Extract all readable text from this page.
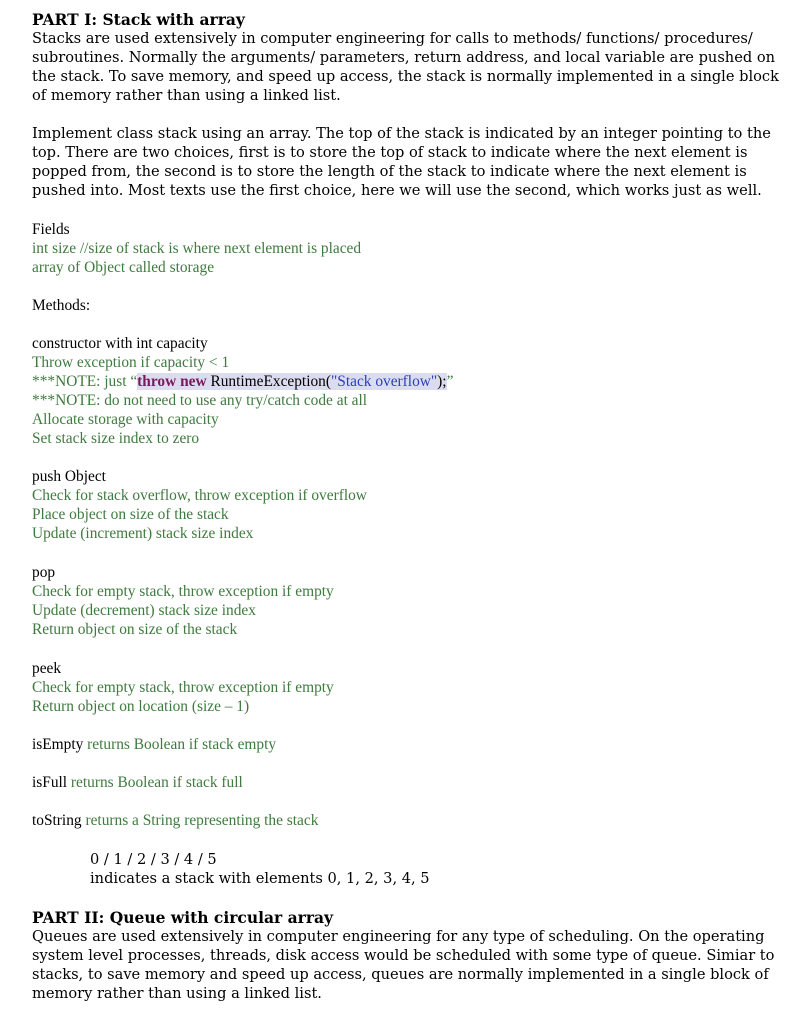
PART I: Stack with array
Stacks are used extensively in computer engineering for calls to methods/ functions/ procedures/
subroutines. Normally the arguments/ parameters, return address, and local variable are pushed on
the stack. To save memory, and speed up access, the stack is normally implemented in a single block
of memory rather than using a linked list.
Implement class stack using an array. The top of the stack is indicated by an integer pointing to the
top. There are two choices, first is to store the top of stack to indicate where the next element is
popped from, the second is to store the length of the stack to indicate where the next element is
pushed into. Most texts use the first choice, here we will use the second, which works just as well.
Fields
int size //size of stack is where next element is placed
array of Object called storage
Methods:
constructor with int capacity
Throw exception if capacity < 1
***NOTE: just “throw new RuntimeException("Stack overflow");”
***NOTE: do not need to use any try/catch code at all
Allocate storage with capacity
Set stack size index to zero
push Object
Check for stack overflow, throw exception if overflow
Place object on size of the stack
Update (increment) stack size index
pop
Check for empty stack, throw exception if empty
Update (decrement) stack size index
Return object on size of the stack
peek
Check for empty stack, throw exception if empty
Return object on location (size – 1)
isEmpty returns Boolean if stack empty
isFull returns Boolean if stack full
toString returns a String representing the stack
0 / 1 / 2 / 3 / 4 / 5
indicates a stack with elements 0, 1, 2, 3, 4, 5
PART II: Queue with circular array
Queues are used extensively in computer engineering for any type of scheduling. On the operating
system level processes, threads, disk access would be scheduled with some type of queue. Simiar to
stacks, to save memory and speed up access, queues are normally implemented in a single block of
memory rather than using a linked list.
